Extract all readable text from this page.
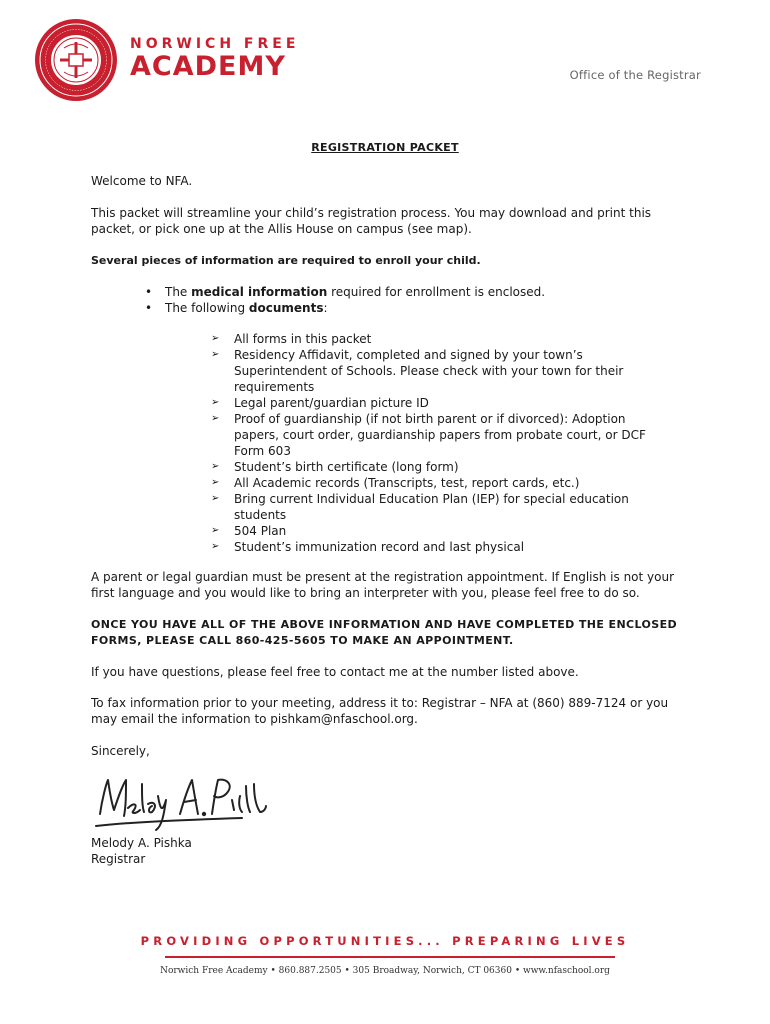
NORWICH FREE
ACADEMY	Office of the Registrar
REGISTRATION PACKET

Welcome to NFA.

This packet will streamline your child’s registration process. You may download and print this packet, or pick one up at the Allis House on campus (see map).

Several pieces of information are required to enroll your child.

•	The medical information required for enrollment is enclosed.
•	The following documents:
➢	All forms in this packet
➢	Residency Affidavit, completed and signed by your town’s Superintendent of Schools. Please check with your town for their requirements
➢	Legal parent/guardian picture ID
➢	Proof of guardianship (if not birth parent or if divorced): Adoption papers, court order, guardianship papers from probate court, or DCF Form 603
➢	Student’s birth certificate (long form)
➢	All Academic records (Transcripts, test, report cards, etc.)
➢	Bring current Individual Education Plan (IEP) for special education students
➢	504 Plan
➢	Student’s immunization record and last physical

A parent or legal guardian must be present at the registration appointment. If English is not your first language and you would like to bring an interpreter with you, please feel free to do so.

ONCE YOU HAVE ALL OF THE ABOVE INFORMATION AND HAVE COMPLETED THE ENCLOSED FORMS, PLEASE CALL 860-425-5605 TO MAKE AN APPOINTMENT.

If you have questions, please feel free to contact me at the number listed above.

To fax information prior to your meeting, address it to: Registrar – NFA at (860) 889-7124 or you may email the information to pishkam@nfaschool.org.

Sincerely,

Melody A. Pishka

Registrar

PROVIDING OPPORTUNITIES... PREPARING LIVES
Norwich Free Academy • 860.887.2505 • 305 Broadway, Norwich, CT 06360 • www.nfaschool.org
